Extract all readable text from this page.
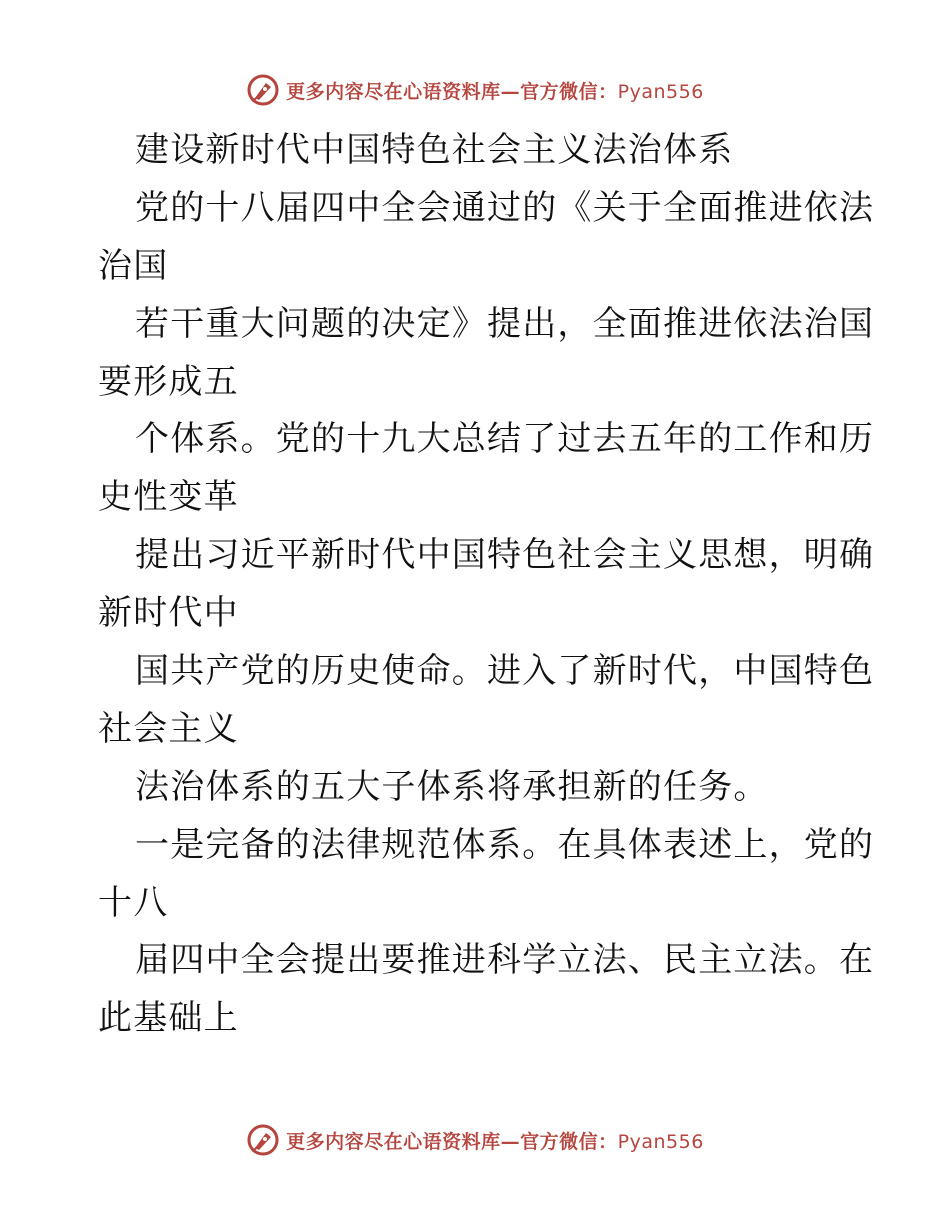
更多内容尽在心语资料库—官方微信：Pyan556
建设新时代中国特色社会主义法治体系
党的十八届四中全会通过的《关于全面推进依法
治国
若干重大问题的决定》提出，全面推进依法治国
要形成五
个体系。党的十九大总结了过去五年的工作和历
史性变革
提出习近平新时代中国特色社会主义思想，明确
新时代中
国共产党的历史使命。进入了新时代，中国特色
社会主义
法治体系的五大子体系将承担新的任务。
一是完备的法律规范体系。在具体表述上，党的
十八
届四中全会提出要推进科学立法、民主立法。在
此基础上
更多内容尽在心语资料库—官方微信：Pyan556
